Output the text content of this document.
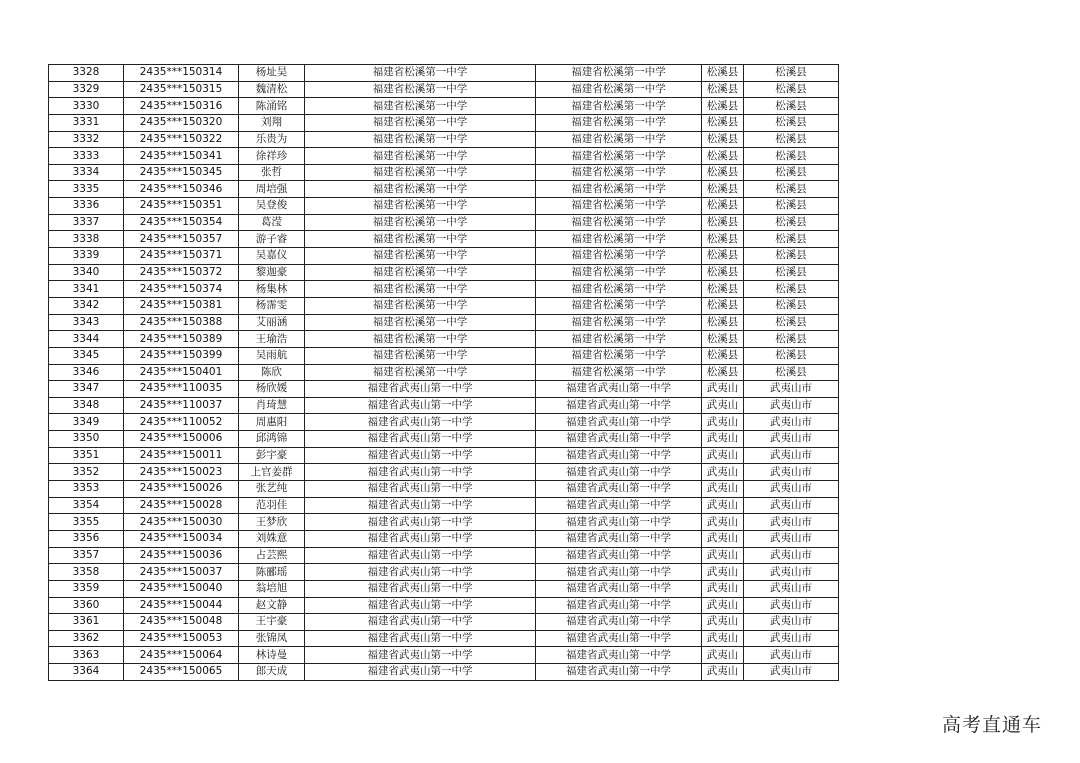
3328	2435***150314	杨址昊	福建省松溪第一中学	福建省松溪第一中学	松溪县	松溪县
3329	2435***150315	魏清松	福建省松溪第一中学	福建省松溪第一中学	松溪县	松溪县
3330	2435***150316	陈涌铭	福建省松溪第一中学	福建省松溪第一中学	松溪县	松溪县
3331	2435***150320	刘翔	福建省松溪第一中学	福建省松溪第一中学	松溪县	松溪县
3332	2435***150322	乐贵为	福建省松溪第一中学	福建省松溪第一中学	松溪县	松溪县
3333	2435***150341	徐祥珍	福建省松溪第一中学	福建省松溪第一中学	松溪县	松溪县
3334	2435***150345	张哲	福建省松溪第一中学	福建省松溪第一中学	松溪县	松溪县
3335	2435***150346	周培强	福建省松溪第一中学	福建省松溪第一中学	松溪县	松溪县
3336	2435***150351	吴登俊	福建省松溪第一中学	福建省松溪第一中学	松溪县	松溪县
3337	2435***150354	葛滢	福建省松溪第一中学	福建省松溪第一中学	松溪县	松溪县
3338	2435***150357	游子睿	福建省松溪第一中学	福建省松溪第一中学	松溪县	松溪县
3339	2435***150371	吴嘉仪	福建省松溪第一中学	福建省松溪第一中学	松溪县	松溪县
3340	2435***150372	黎迦豪	福建省松溪第一中学	福建省松溪第一中学	松溪县	松溪县
3341	2435***150374	杨集林	福建省松溪第一中学	福建省松溪第一中学	松溪县	松溪县
3342	2435***150381	杨霈雯	福建省松溪第一中学	福建省松溪第一中学	松溪县	松溪县
3343	2435***150388	艾丽涵	福建省松溪第一中学	福建省松溪第一中学	松溪县	松溪县
3344	2435***150389	王瑜浩	福建省松溪第一中学	福建省松溪第一中学	松溪县	松溪县
3345	2435***150399	吴雨航	福建省松溪第一中学	福建省松溪第一中学	松溪县	松溪县
3346	2435***150401	陈欣	福建省松溪第一中学	福建省松溪第一中学	松溪县	松溪县
3347	2435***110035	杨欣媛	福建省武夷山第一中学	福建省武夷山第一中学	武夷山	武夷山市
3348	2435***110037	肖琦慧	福建省武夷山第一中学	福建省武夷山第一中学	武夷山	武夷山市
3349	2435***110052	周惠阳	福建省武夷山第一中学	福建省武夷山第一中学	武夷山	武夷山市
3350	2435***150006	邱鸿锦	福建省武夷山第一中学	福建省武夷山第一中学	武夷山	武夷山市
3351	2435***150011	彭宇豪	福建省武夷山第一中学	福建省武夷山第一中学	武夷山	武夷山市
3352	2435***150023	上官姜群	福建省武夷山第一中学	福建省武夷山第一中学	武夷山	武夷山市
3353	2435***150026	张艺纯	福建省武夷山第一中学	福建省武夷山第一中学	武夷山	武夷山市
3354	2435***150028	范羽佳	福建省武夷山第一中学	福建省武夷山第一中学	武夷山	武夷山市
3355	2435***150030	王梦欣	福建省武夷山第一中学	福建省武夷山第一中学	武夷山	武夷山市
3356	2435***150034	刘姝意	福建省武夷山第一中学	福建省武夷山第一中学	武夷山	武夷山市
3357	2435***150036	占芸熙	福建省武夷山第一中学	福建省武夷山第一中学	武夷山	武夷山市
3358	2435***150037	陈郦瑶	福建省武夷山第一中学	福建省武夷山第一中学	武夷山	武夷山市
3359	2435***150040	翁培旭	福建省武夷山第一中学	福建省武夷山第一中学	武夷山	武夷山市
3360	2435***150044	赵文静	福建省武夷山第一中学	福建省武夷山第一中学	武夷山	武夷山市
3361	2435***150048	王宇豪	福建省武夷山第一中学	福建省武夷山第一中学	武夷山	武夷山市
3362	2435***150053	张锦凤	福建省武夷山第一中学	福建省武夷山第一中学	武夷山	武夷山市
3363	2435***150064	林诗曼	福建省武夷山第一中学	福建省武夷山第一中学	武夷山	武夷山市
3364	2435***150065	郎天成	福建省武夷山第一中学	福建省武夷山第一中学	武夷山	武夷山市
高考直通车
